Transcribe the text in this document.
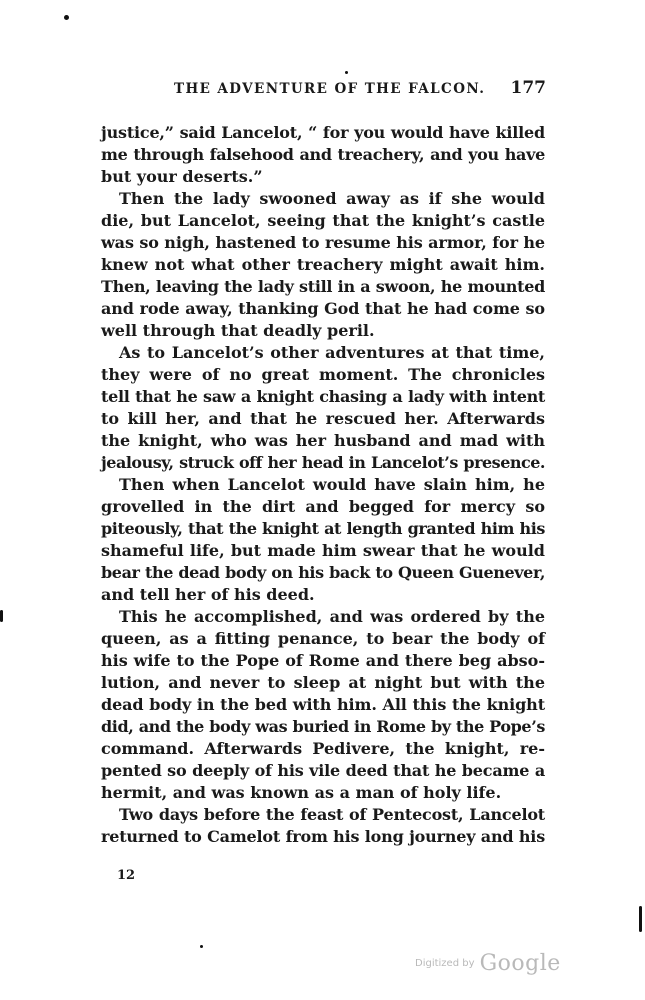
THE ADVENTURE OF THE FALCON. 177
justice,” said Lancelot, “ for you would have killed
me through falsehood and treachery, and you have
but your deserts.”
Then the lady swooned away as if she would
die, but Lancelot, seeing that the knight’s castle
was so nigh, hastened to resume his armor, for he
knew not what other treachery might await him.
Then, leaving the lady still in a swoon, he mounted
and rode away, thanking God that he had come so
well through that deadly peril.
As to Lancelot’s other adventures at that time,
they were of no great moment. The chronicles
tell that he saw a knight chasing a lady with intent
to kill her, and that he rescued her. Afterwards
the knight, who was her husband and mad with
jealousy, struck off her head in Lancelot’s presence.
Then when Lancelot would have slain him, he
grovelled in the dirt and begged for mercy so
piteously, that the knight at length granted him his
shameful life, but made him swear that he would
bear the dead body on his back to Queen Guenever,
and tell her of his deed.
This he accomplished, and was ordered by the
queen, as a fitting penance, to bear the body of
his wife to the Pope of Rome and there beg abso-
lution, and never to sleep at night but with the
dead body in the bed with him. All this the knight
did, and the body was buried in Rome by the Pope’s
command. Afterwards Pedivere, the knight, re-
pented so deeply of his vile deed that he became a
hermit, and was known as a man of holy life.
Two days before the feast of Pentecost, Lancelot
returned to Camelot from his long journey and his
12
Digitized by Google
